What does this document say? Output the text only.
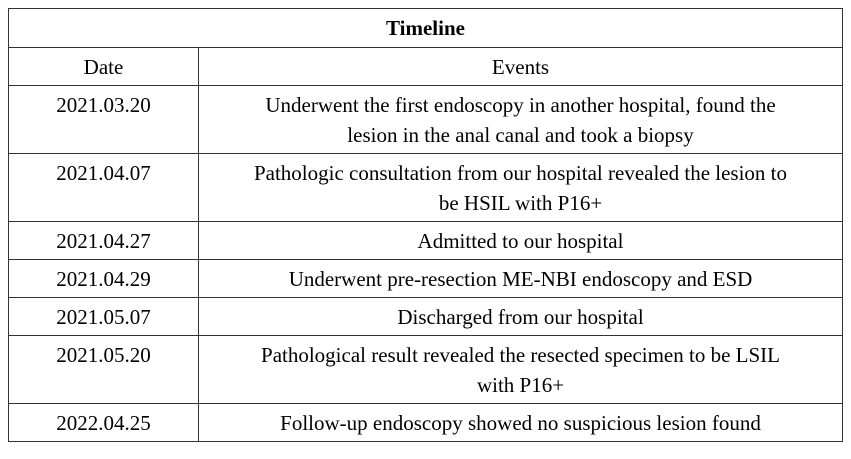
Timeline	
Date	Events
2021.03.20	Underwent the first endoscopy in another hospital, found the
lesion in the anal canal and took a biopsy

2021.04.07	Pathologic consultation from our hospital revealed the lesion to
be HSIL with P16+

2021.04.27	Admitted to our hospital
2021.04.29	Underwent pre-resection ME-NBI endoscopy and ESD
2021.05.07	Discharged from our hospital
2021.05.20	Pathological result revealed the resected specimen to be LSIL
with P16+

2022.04.25	Follow-up endoscopy showed no suspicious lesion found
